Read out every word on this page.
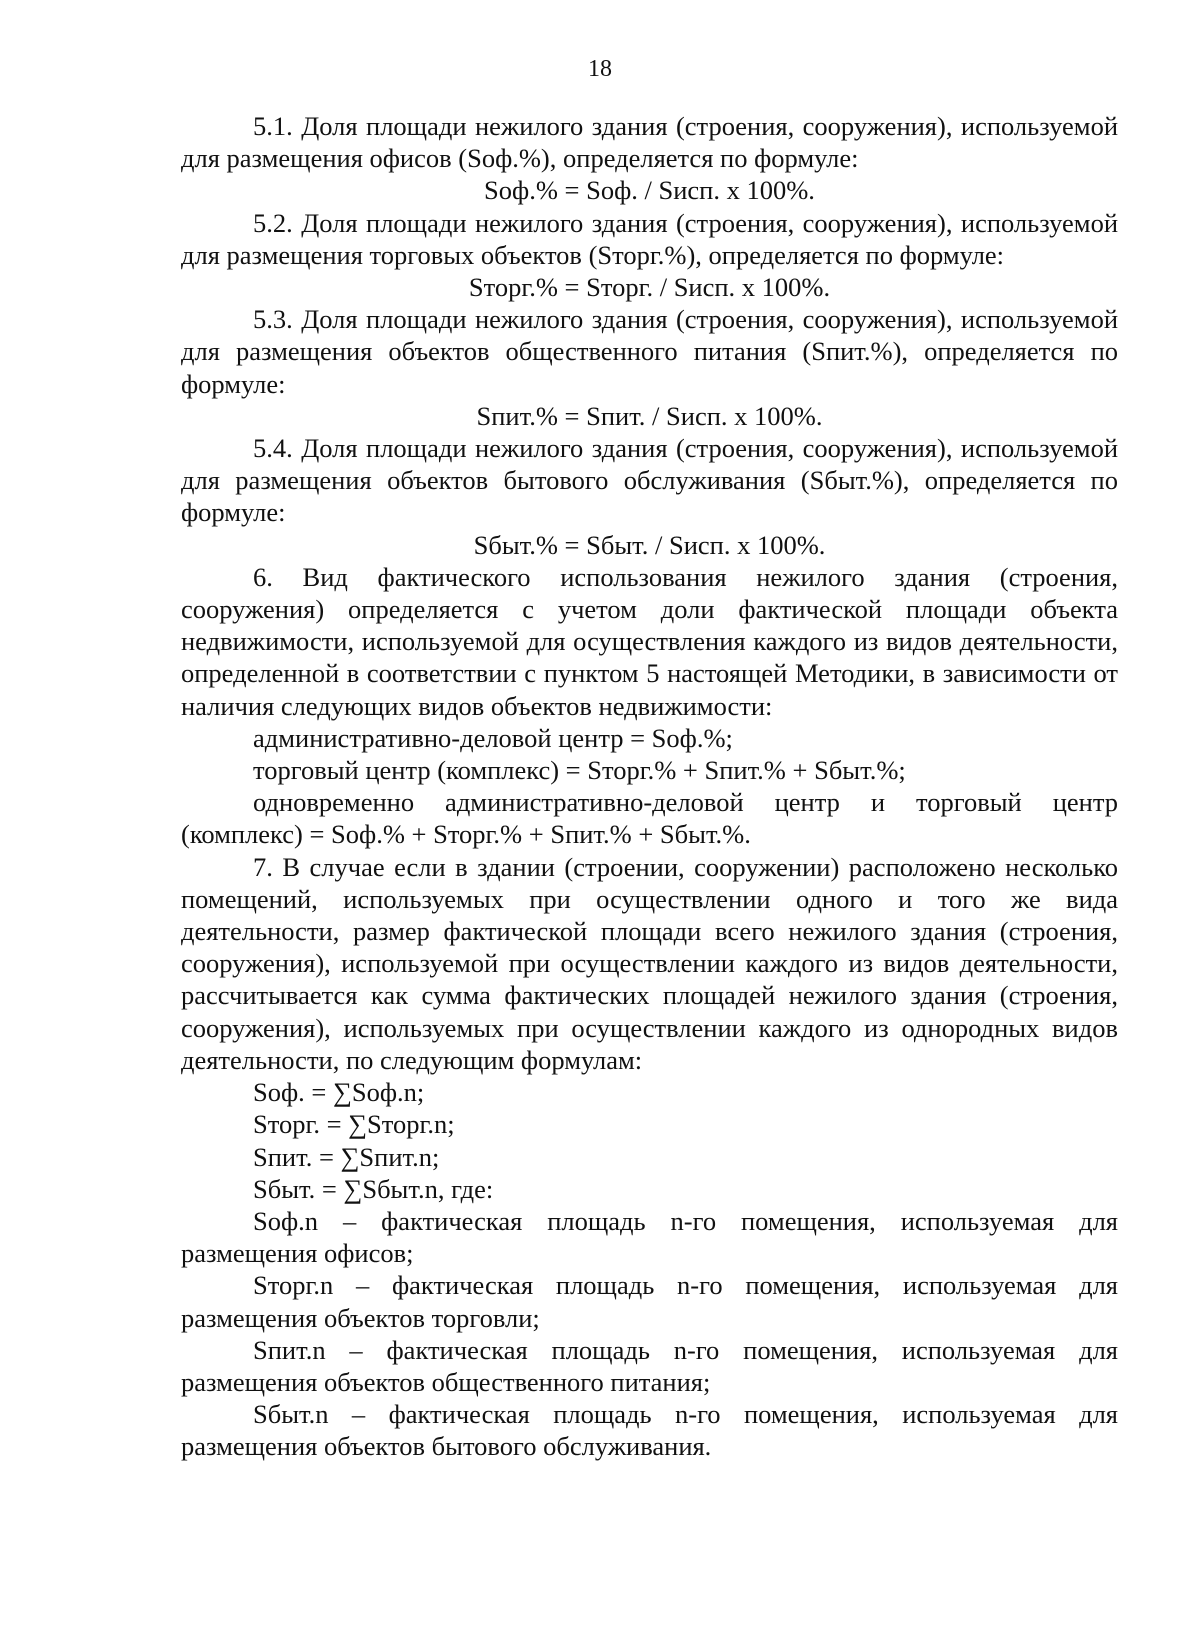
18

5.1. Доля площади нежилого здания (строения, сооружения), используемой для размещения офисов (Sоф.%), определяется по формуле:

Sоф.% = Sоф. / Sисп. х 100%.

5.2. Доля площади нежилого здания (строения, сооружения), используемой для размещения торговых объектов (Sторг.%), определяется по формуле:

Sторг.% = Sторг. / Sисп. х 100%.

5.3. Доля площади нежилого здания (строения, сооружения), используемой для размещения объектов общественного питания (Sпит.%), определяется по формуле:

Sпит.% = Sпит. / Sисп. х 100%.

5.4. Доля площади нежилого здания (строения, сооружения), используемой для размещения объектов бытового обслуживания (Sбыт.%), определяется по формуле:

Sбыт.% = Sбыт. / Sисп. х 100%.

6. Вид фактического использования нежилого здания (строения, сооружения) определяется с учетом доли фактической площади объекта недвижимости, используемой для осуществления каждого из видов деятельности, определенной в соответствии с пунктом 5 настоящей Методики, в зависимости от наличия следующих видов объектов недвижимости:

административно-деловой центр = Sоф.%;

торговый центр (комплекс) = Sторг.% + Sпит.% + Sбыт.%;

одновременно административно-деловой центр и торговый центр (комплекс) = Sоф.% + Sторг.% + Sпит.% + Sбыт.%.

7. В случае если в здании (строении, сооружении) расположено несколько помещений, используемых при осуществлении одного и того же вида деятельности, размер фактической площади всего нежилого здания (строения, сооружения), используемой при осуществлении каждого из видов деятельности, рассчитывается как сумма фактических площадей нежилого здания (строения, сооружения), используемых при осуществлении каждого из однородных видов деятельности, по следующим формулам:

Sоф. = ∑Sоф.n;

Sторг. = ∑Sторг.n;

Sпит. = ∑Sпит.n;

Sбыт. = ∑Sбыт.n, где:

Sоф.n – фактическая площадь n-го помещения, используемая для размещения офисов;

Sторг.n – фактическая площадь n-го помещения, используемая для размещения объектов торговли;

Sпит.n – фактическая площадь n-го помещения, используемая для размещения объектов общественного питания;

Sбыт.n – фактическая площадь n-го помещения, используемая для размещения объектов бытового обслуживания.
